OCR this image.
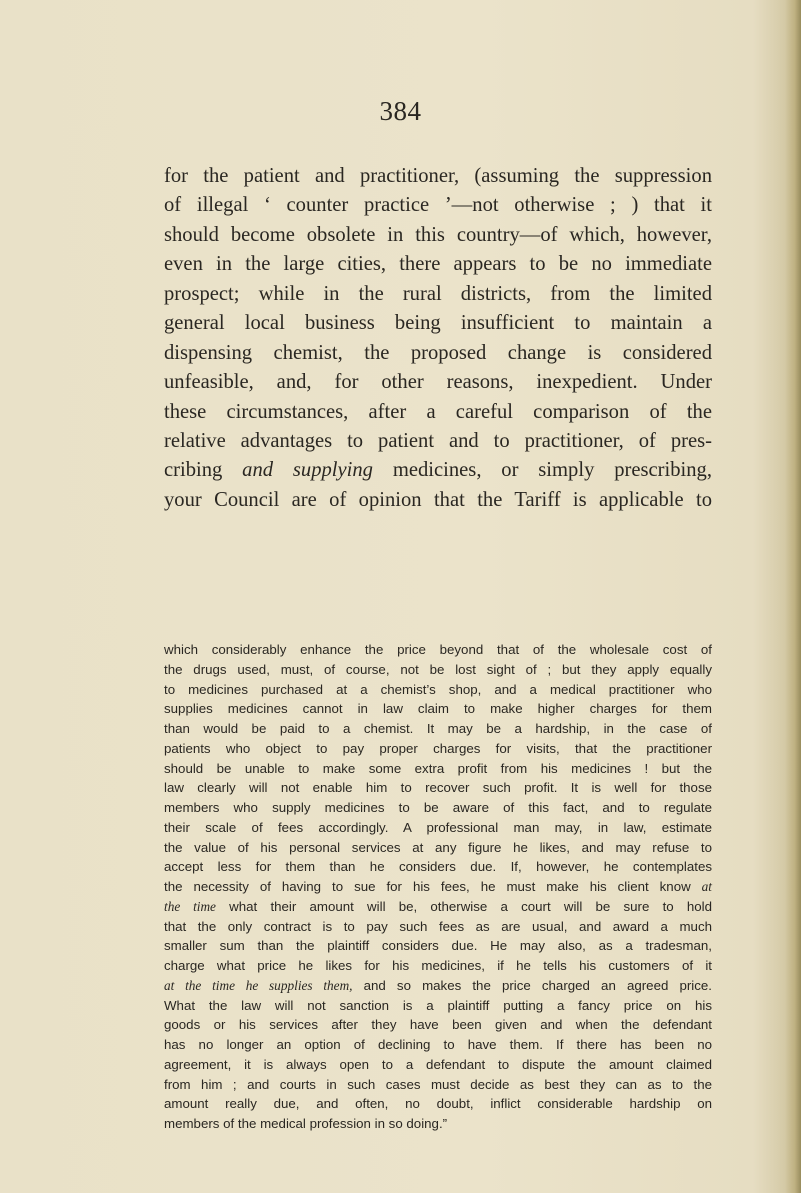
384
for the patient and practitioner, (assuming the suppression
of illegal ‘ counter practice ’—not otherwise ; ) that it
should become obsolete in this country—of which, however,
even in the large cities, there appears to be no immediate
prospect; while in the rural districts, from the limited
general local business being insufficient to maintain a
dispensing chemist, the proposed change is considered
unfeasible, and, for other reasons, inexpedient. Under
these circumstances, after a careful comparison of the
relative advantages to patient and to practitioner, of pres-
cribing and supplying medicines, or simply prescribing,
your Council are of opinion that the Tariff is applicable to
which considerably enhance the price beyond that of the wholesale cost of
the drugs used, must, of course, not be lost sight of ; but they apply equally
to medicines purchased at a chemist’s shop, and a medical practitioner who
supplies medicines cannot in law claim to make higher charges for them
than would be paid to a chemist. It may be a hardship, in the case of
patients who object to pay proper charges for visits, that the practitioner
should be unable to make some extra profit from his medicines ! but the
law clearly will not enable him to recover such profit. It is well for those
members who supply medicines to be aware of this fact, and to regulate
their scale of fees accordingly. A professional man may, in law, estimate
the value of his personal services at any figure he likes, and may refuse to
accept less for them than he considers due. If, however, he contemplates
the necessity of having to sue for his fees, he must make his client know at
the time what their amount will be, otherwise a court will be sure to hold
that the only contract is to pay such fees as are usual, and award a much
smaller sum than the plaintiff considers due. He may also, as a tradesman,
charge what price he likes for his medicines, if he tells his customers of it
at the time he supplies them, and so makes the price charged an agreed price.
What the law will not sanction is a plaintiff putting a fancy price on his
goods or his services after they have been given and when the defendant
has no longer an option of declining to have them. If there has been no
agreement, it is always open to a defendant to dispute the amount claimed
from him ; and courts in such cases must decide as best they can as to the
amount really due, and often, no doubt, inflict considerable hardship on
members of the medical profession in so doing.”
